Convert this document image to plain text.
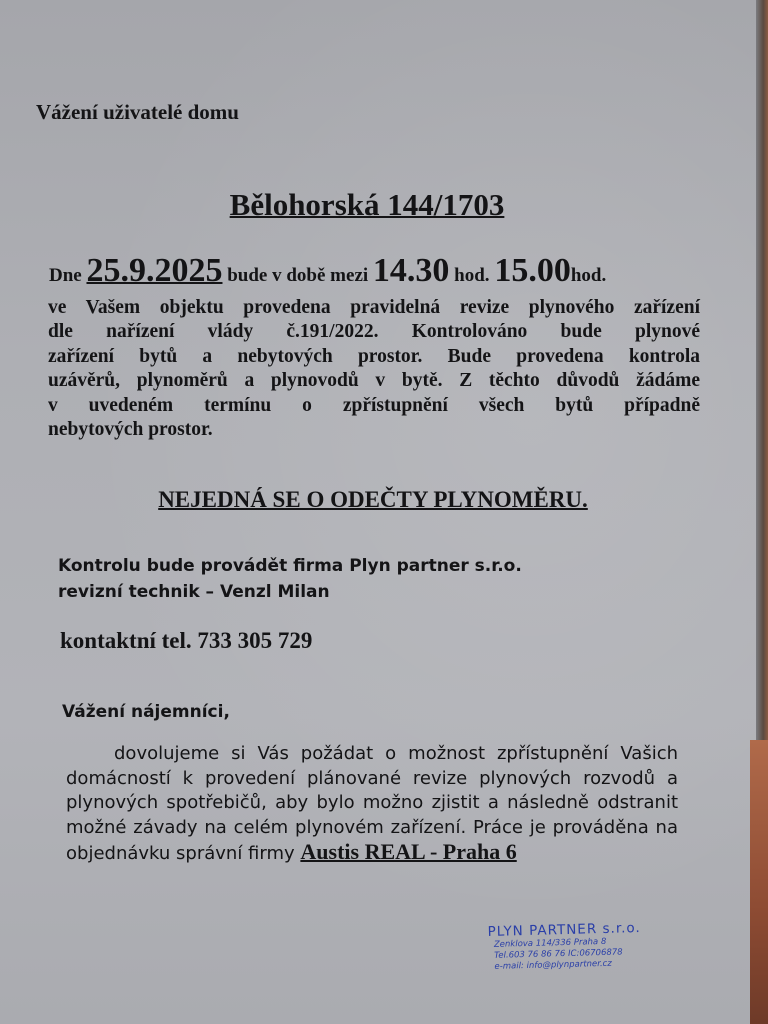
Vážení uživatelé domu
Bělohorská 144/1703
Dne 25.9.2025 bude v době mezi 14.30 hod. 15.00hod.
ve Vašem objektu provedena pravidelná revize plynového zařízení
dle nařízení vlády č.191/2022. Kontrolováno bude plynové
zařízení bytů a nebytových prostor. Bude provedena kontrola
uzávěrů, plynoměrů a plynovodů v bytě. Z těchto důvodů žádáme
v uvedeném termínu o zpřístupnění všech bytů případně
nebytových prostor.
NEJEDNÁ SE O ODEČTY PLYNOMĚRU.
Kontrolu bude provádět firma Plyn partner s.r.o.
revizní technik – Venzl Milan
kontaktní tel. 733 305 729
Vážení nájemníci,
dovolujeme si Vás požádat o možnost zpřístupnění Vašich
domácností k provedení plánované revize plynových rozvodů a
plynových spotřebičů, aby bylo možno zjistit a následně odstranit
možné závady na celém plynovém zařízení. Práce je prováděna na
objednávku správní firmy Austis REAL - Praha 6
PLYN PARTNER s.r.o.
Zenklova 114/336 Praha 8
Tel.603 76 86 76 IC:06706878
e-mail: info@plynpartner.cz
